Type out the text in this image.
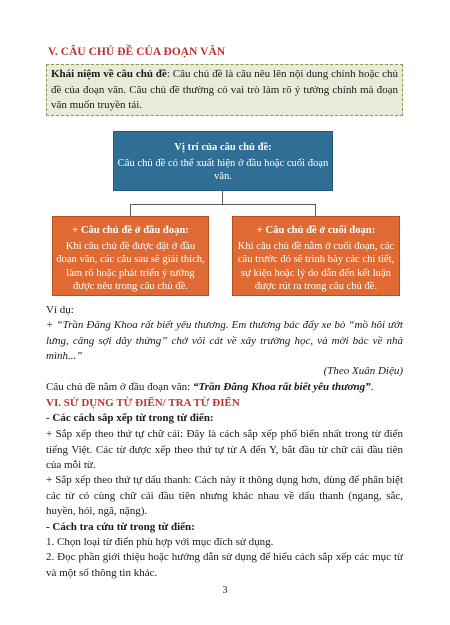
V. CÂU CHỦ ĐỀ CỦA ĐOẠN VĂN
Khái niệm về câu chủ đề: Câu chủ đề là câu nêu lên nội dung chính hoặc chủ đề của đoạn văn. Câu chủ đề thường có vai trò làm rõ ý tưởng chính mà đoạn văn muốn truyền tải.
Vị trí của câu chủ đề:
Câu chủ đề có thể xuất hiện ở đầu hoặc cuối đoạn văn.
+ Câu chủ đề ở đầu đoạn:
Khi câu chủ đề được đặt ở đầu đoạn văn, các câu sau sẽ giải thích, làm rõ hoặc phát triển ý tưởng được nêu trong câu chủ đề.
+ Câu chủ đề ở cuối đoạn:
Khi câu chủ đề nằm ở cuối đoạn, các câu trước đó sẽ trình bày các chi tiết, sự kiện hoặc lý do dẫn đến kết luận được rút ra trong câu chủ đề.
Ví dụ:
+ “Trần Đăng Khoa rất biết yêu thương. Em thương bác đẩy xe bò “mồ hôi ướt lưng, căng sợi dây thừng” chở vôi cát về xây trường học, và mời bác về nhà mình...”
(Theo Xuân Diệu)
Câu chủ đề nằm ở đầu đoạn văn: “Trần Đăng Khoa rất biết yêu thương”.
VI. SỬ DỤNG TỪ ĐIỂN/ TRA TỪ ĐIỂN
- Các cách sắp xếp từ trong từ điển:
+ Sắp xếp theo thứ tự chữ cái: Đây là cách sắp xếp phổ biến nhất trong từ điển tiếng Việt. Các từ được xếp theo thứ tự từ A đến Y, bắt đầu từ chữ cái đầu tiên của mỗi từ.
+ Sắp xếp theo thứ tự dấu thanh: Cách này ít thông dụng hơn, dùng để phân biệt các từ có cùng chữ cái đầu tiên nhưng khác nhau về dấu thanh (ngang, sắc, huyền, hỏi, ngã, nặng).
- Cách tra cứu từ trong từ điển:
1. Chọn loại từ điển phù hợp với mục đích sử dụng.
2. Đọc phần giới thiệu hoặc hướng dẫn sử dụng để hiểu cách sắp xếp các mục từ và một số thông tin khác.
3
